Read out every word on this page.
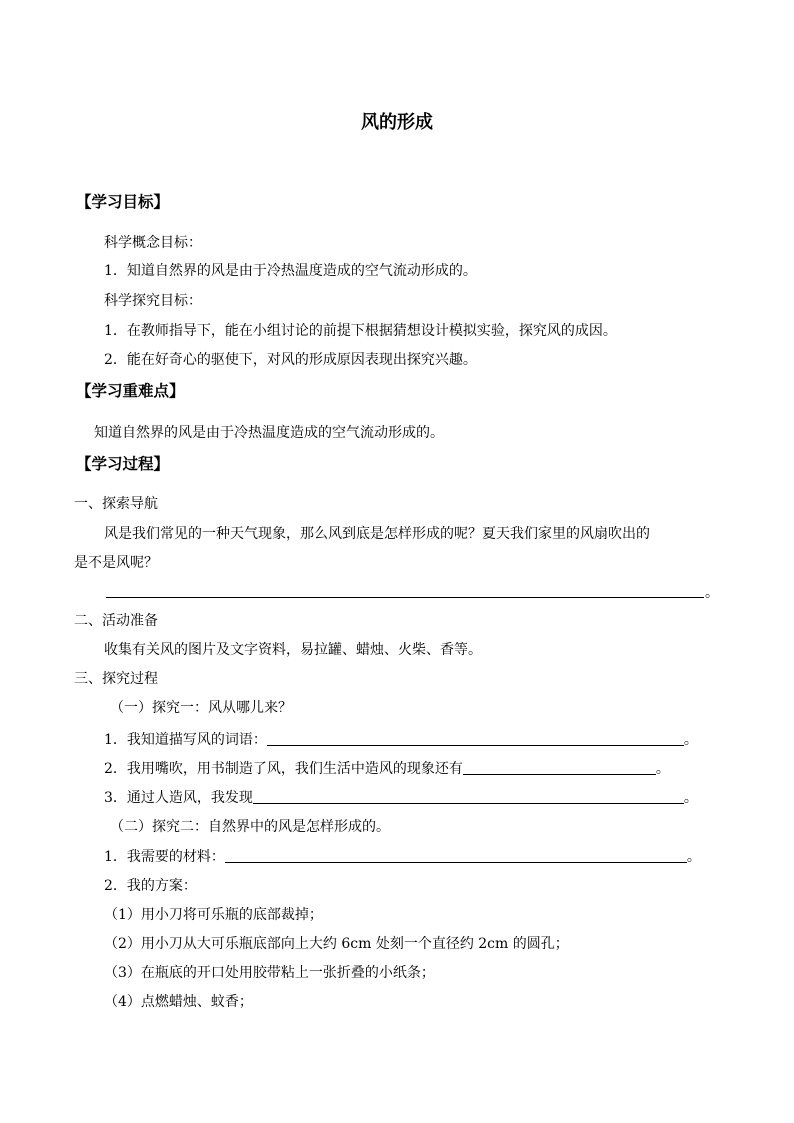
风的形成
【学习目标】
科学概念目标：
1．知道自然界的风是由于冷热温度造成的空气流动形成的。
科学探究目标：
1．在教师指导下，能在小组讨论的前提下根据猜想设计模拟实验，探究风的成因。
2．能在好奇心的驱使下，对风的形成原因表现出探究兴趣。
【学习重难点】
知道自然界的风是由于冷热温度造成的空气流动形成的。
【学习过程】
一、探索导航
风是我们常见的一种天气现象，那么风到底是怎样形成的呢？夏天我们家里的风扇吹出的
是不是风呢？
。
二、活动准备
收集有关风的图片及文字资料，易拉罐、蜡烛、火柴、香等。
三、探究过程
（一）探究一：风从哪儿来？
1．我知道描写风的词语：	。
2．我用嘴吹，用书制造了风，我们生活中造风的现象还有	。
3．通过人造风，我发现	。
（二）探究二：自然界中的风是怎样形成的。
1．我需要的材料：	。
2．我的方案：
（1）用小刀将可乐瓶的底部裁掉；
（2）用小刀从大可乐瓶底部向上大约 6cm 处刻一个直径约 2cm 的圆孔；
（3）在瓶底的开口处用胶带粘上一张折叠的小纸条；
（4）点燃蜡烛、蚊香；
